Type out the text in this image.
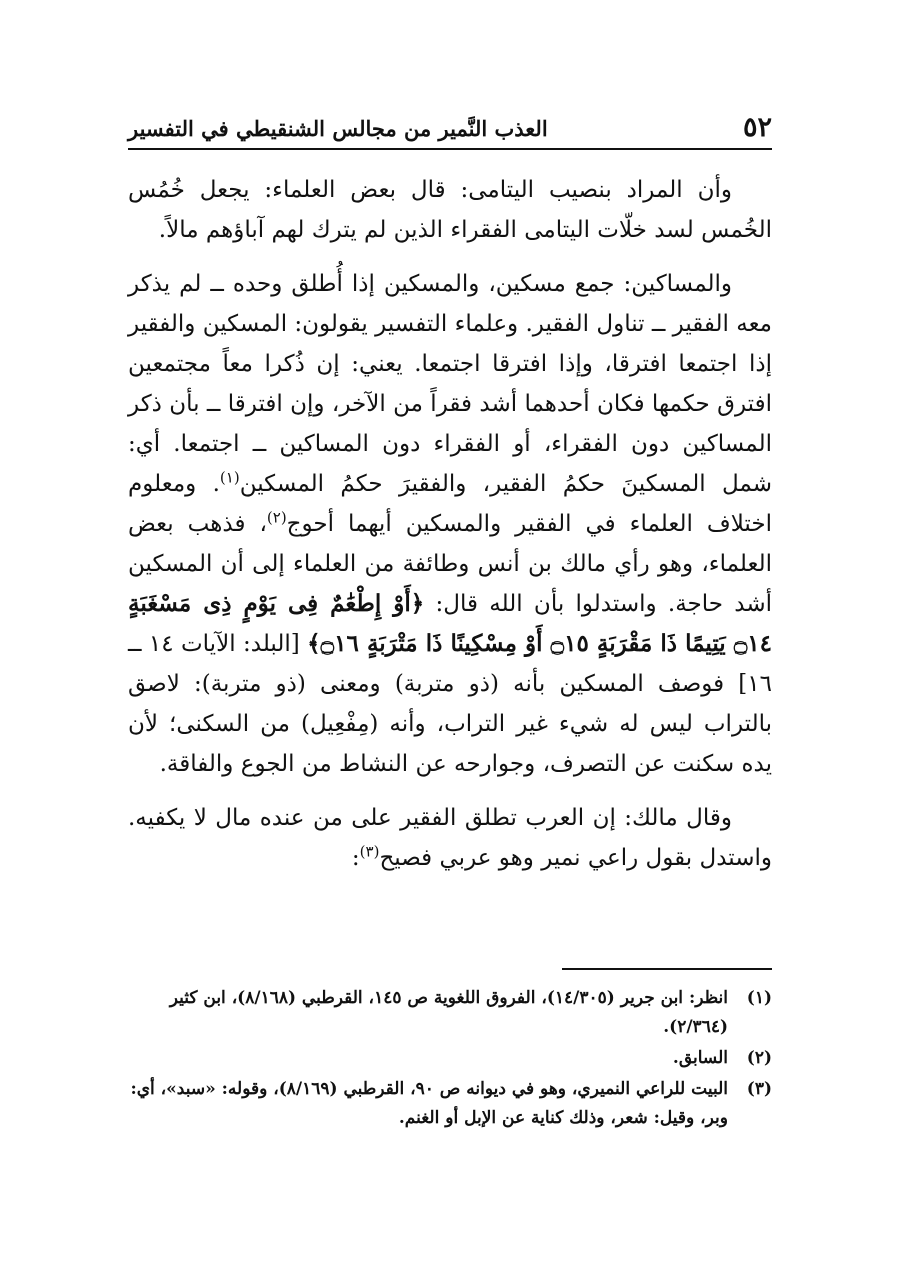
٥٢
العذب النَّمير من مجالس الشنقيطي في التفسير

وأن المراد بنصيب اليتامى: قال بعض العلماء: يجعل خُمُس الخُمس لسد خلّات اليتامى الفقراء الذين لم يترك لهم آباؤهم مالاً.

والمساكين: جمع مسكين، والمسكين إذا أُطلق وحده ــ لم يذكر معه الفقير ــ تناول الفقير. وعلماء التفسير يقولون: المسكين والفقير إذا اجتمعا افترقا، وإذا افترقا اجتمعا. يعني: إن ذُكرا معاً مجتمعين افترق حكمها فكان أحدهما أشد فقراً من الآخر، وإن افترقا ــ بأن ذكر المساكين دون الفقراء، أو الفقراء دون المساكين ــ اجتمعا. أي: شمل المسكينَ حكمُ الفقير، والفقيرَ حكمُ المسكين$^{(١)}$. ومعلوم اختلاف العلماء في الفقير والمسكين أيهما أحوج$^{(٢)}$، فذهب بعض العلماء، وهو رأي مالك بن أنس وطائفة من العلماء إلى أن المسكين أشد حاجة. واستدلوا بأن الله قال: ﴿أَوْ إِطْعَٰمٌ فِى يَوْمٍ ذِى مَسْغَبَةٍ ۝١٤ يَتِيمًا ذَا مَقْرَبَةٍ ۝١٥ أَوْ مِسْكِينًا ذَا مَتْرَبَةٍ ۝١٦﴾ [البلد: الآيات ١٤ ــ ١٦] فوصف المسكين بأنه (ذو متربة) ومعنى (ذو متربة): لاصق بالتراب ليس له شيء غير التراب، وأنه (مِفْعِيل) من السكنى؛ لأن يده سكنت عن التصرف، وجوارحه عن النشاط من الجوع والفاقة.

وقال مالك: إن العرب تطلق الفقير على من عنده مال لا يكفيه. واستدل بقول راعي نمير وهو عربي فصيح$^{(٣)}$:

(١)
انظر: ابن جرير (١٤/٣٠٥)، الفروق اللغوية ص ١٤٥، القرطبي (٨/١٦٨)، ابن كثير (٢/٣٦٤).
(٢)
السابق.
(٣)
البيت للراعي النميري، وهو في ديوانه ص ٩٠، القرطبي (٨/١٦٩)، وقوله: «سبد»، أي: وبر، وقيل: شعر، وذلك كناية عن الإبل أو الغنم.
